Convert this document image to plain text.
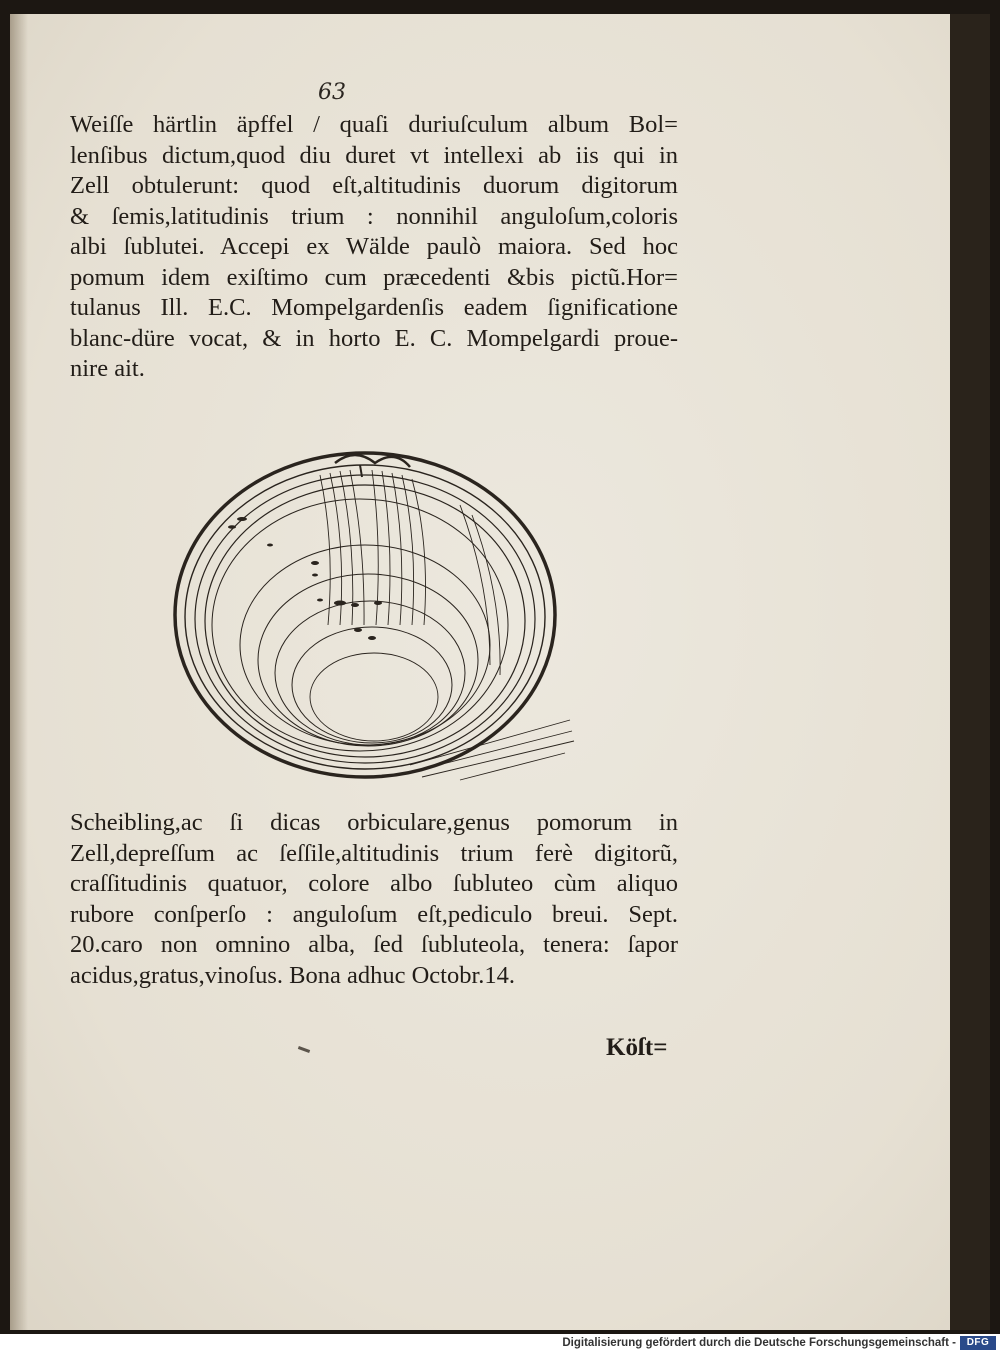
63
Weiſſe härtlin äpffel / quaſi duriuſculum album Bol=
lenſibus dictum,quod diu duret vt intellexi ab iis qui in
Zell obtulerunt: quod eſt,altitudinis duorum digitorum
& ſemis,latitudinis trium : nonnihil anguloſum,coloris
albi ſublutei. Accepi ex Wälde paulò maiora. Sed hoc
pomum idem exiſtimo cum præcedenti &bis pictũ.Hor=
tulanus Ill. E.C. Mompelgardenſis eadem ſignificatione
blanc-düre vocat, & in horto E. C. Mompelgardi proue-
nire ait.
Scheibling,ac ſi dicas orbiculare,genus pomorum in
Zell,depreſſum ac ſeſſile,altitudinis trium ferè digitorũ,
craſſitudinis quatuor, colore albo ſubluteo cùm aliquo
rubore conſperſo : anguloſum eſt,pediculo breui. Sept.
20.caro non omnino alba, ſed ſubluteola, tenera: ſapor
acidus,gratus,vinoſus. Bona adhuc Octobr.14.
Köſt=
Digitalisierung gefördert durch die Deutsche Forschungsgemeinschaft -	DFG
